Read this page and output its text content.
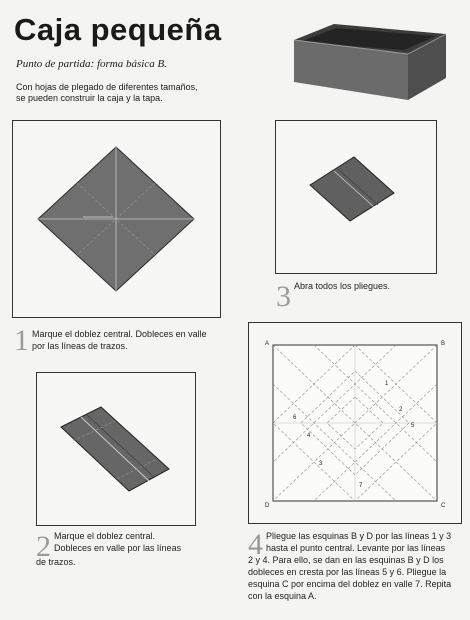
Caja pequeña
Punto de partida: forma básica B.
Con hojas de plegado de diferentes tamaños,
se pueden construir la caja y la tapa.
1 Marque el doblez central. Dobleces en valle
por las líneas de trazos.
3 Abra todos los pliegues.
2 Marque el doblez central.
Dobleces en valle por las líneas
de trazos.
A	B
C
D
1
2
3
4
5
6
7
4 Pliegue las esquinas B y D por las líneas 1 y 3
hasta el punto central. Levante por las líneas
2 y 4. Para ello, se dan en las esquinas B y D los
dobleces en cresta por las líneas 5 y 6. Pliegue la
esquina C por encima del doblez en valle 7. Repita
con la esquina A.
